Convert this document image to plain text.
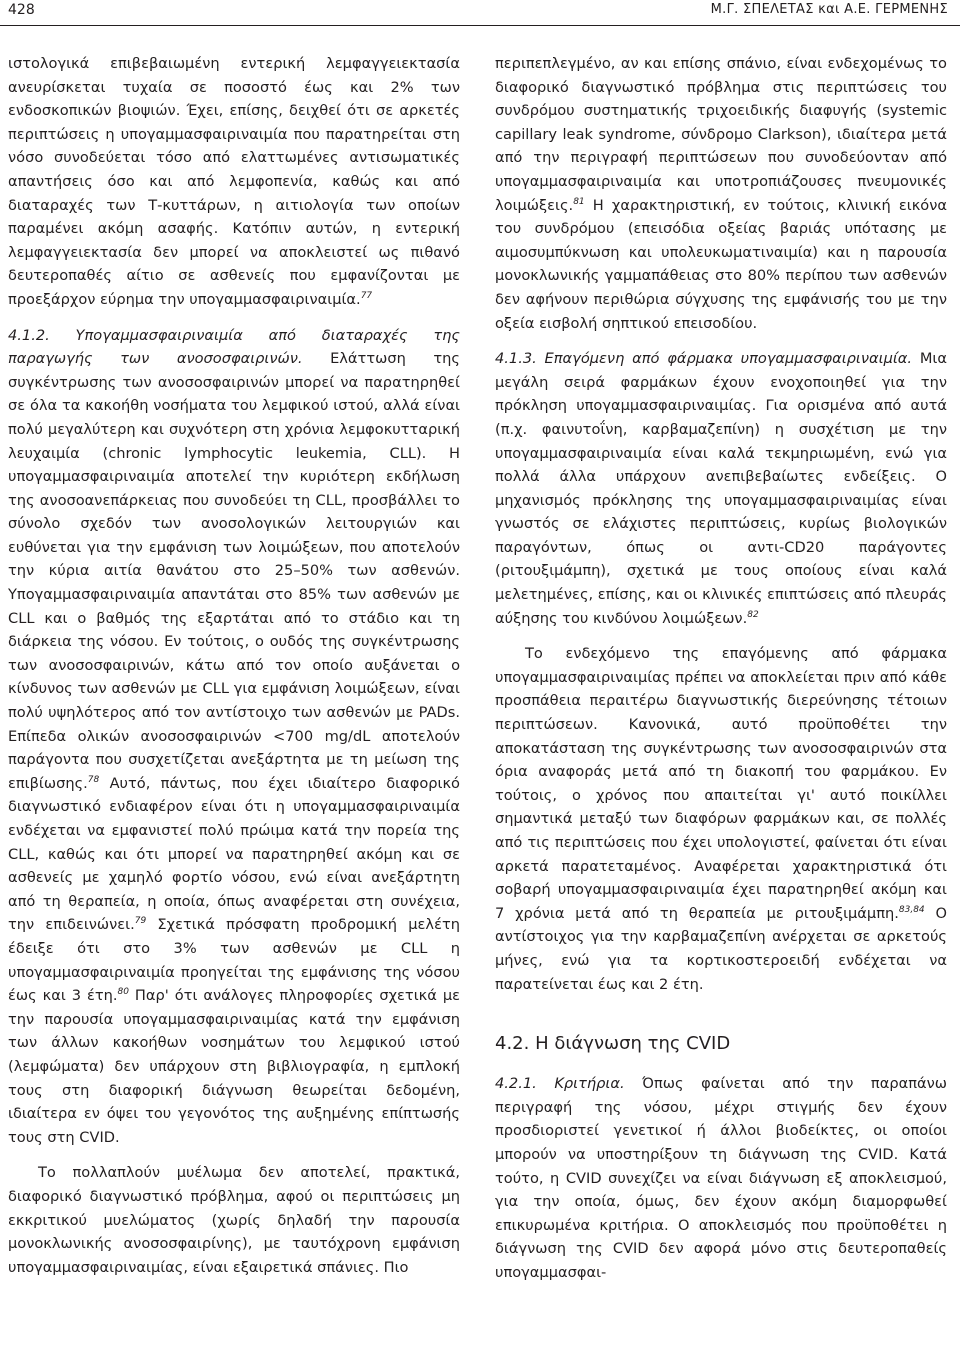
428	Μ.Γ. ΣΠΕΛΕΤΑΣ και Α.Ε. ΓΕΡΜΕΝΗΣ

ιστολογικά επιβεβαιωμένη εντερική λεμφαγγειεκτασία ανευρίσκεται τυχαία σε ποσοστό έως και 2% των ενδοσκοπικών βιοψιών. Έχει, επίσης, δειχθεί ότι σε αρκετές περιπτώσεις η υπογαμμασφαιριναιμία που παρατηρείται στη νόσο συνοδεύεται τόσο από ελαττωμένες αντισωματικές απαντήσεις όσο και από λεμφοπενία, καθώς και από διαταραχές των Τ-κυττάρων, η αιτιολογία των οποίων παραμένει ακόμη ασαφής. Κατόπιν αυτών, η εντερική λεμφαγγειεκτασία δεν μπορεί να αποκλειστεί ως πιθανό δευτεροπαθές αίτιο σε ασθενείς που εμφανίζονται με προεξάρχον εύρημα την υπογαμμασφαιριναιμία.$^{77}$

4.1.2. Υπογαμμασφαιριναιμία από διαταραχές της παραγωγής των ανοσοσφαιρινών. Ελάττωση της συγκέντρωσης των ανοσοσφαιρινών μπορεί να παρατηρηθεί σε όλα τα κακοήθη νοσήματα του λεμφικού ιστού, αλλά είναι πολύ μεγαλύτερη και συχνότερη στη χρόνια λεμφοκυτταρική λευχαιμία (chronic lymphocytic leukemia, CLL). Η υπογαμμασφαιριναιμία αποτελεί την κυριότερη εκδήλωση της ανοσοανεπάρκειας που συνοδεύει τη CLL, προσβάλλει το σύνολο σχεδόν των ανοσολογικών λειτουργιών και ευθύνεται για την εμφάνιση των λοιμώξεων, που αποτελούν την κύρια αιτία θανάτου στο 25–50% των ασθενών. Υπογαμμασφαιριναιμία απαντάται στο 85% των ασθενών με CLL και ο βαθμός της εξαρτάται από το στάδιο και τη διάρκεια της νόσου. Εν τούτοις, ο ουδός της συγκέντρωσης των ανοσοσφαιρινών, κάτω από τον οποίο αυξάνεται ο κίνδυνος των ασθενών με CLL για εμφάνιση λοιμώξεων, είναι πολύ υψηλότερος από τον αντίστοιχο των ασθενών με PADs. Επίπεδα ολικών ανοσοσφαιρινών <700 mg/dL αποτελούν παράγοντα που συσχετίζεται ανεξάρτητα με τη μείωση της επιβίωσης.$^{78}$ Αυτό, πάντως, που έχει ιδιαίτερο διαφορικό διαγνωστικό ενδιαφέρον είναι ότι η υπογαμμασφαιριναιμία ενδέχεται να εμφανιστεί πολύ πρώιμα κατά την πορεία της CLL, καθώς και ότι μπορεί να παρατηρηθεί ακόμη και σε ασθενείς με χαμηλό φορτίο νόσου, ενώ είναι ανεξάρτητη από τη θεραπεία, η οποία, όπως αναφέρεται στη συνέχεια, την επιδεινώνει.$^{79}$ Σχετικά πρόσφατη προδρομική μελέτη έδειξε ότι στο 3% των ασθενών με CLL η υπογαμμασφαιριναιμία προηγείται της εμφάνισης της νόσου έως και 3 έτη.$^{80}$ Παρ' ότι ανάλογες πληροφορίες σχετικά με την παρουσία υπογαμμασφαιριναιμίας κατά την εμφάνιση των άλλων κακοήθων νοσημάτων του λεμφικού ιστού (λεμφώματα) δεν υπάρχουν στη βιβλιογραφία, η εμπλοκή τους στη διαφορική διάγνωση θεωρείται δεδομένη, ιδιαίτερα εν όψει του γεγονότος της αυξημένης επίπτωσής τους στη CVID.

Το πολλαπλούν μυέλωμα δεν αποτελεί, πρακτικά, διαφορικό διαγνωστικό πρόβλημα, αφού οι περιπτώσεις μη εκκριτικού μυελώματος (χωρίς δηλαδή την παρουσία μονοκλωνικής ανοσοσφαιρίνης), με ταυτόχρονη εμφάνιση υπογαμμασφαιριναιμίας, είναι εξαιρετικά σπάνιες. Πιο

περιπεπλεγμένο, αν και επίσης σπάνιο, είναι ενδεχομένως το διαφορικό διαγνωστικό πρόβλημα στις περιπτώσεις του συνδρόμου συστηματικής τριχοειδικής διαφυγής (systemic capillary leak syndrome, σύνδρομο Clarkson), ιδιαίτερα μετά από την περιγραφή περιπτώσεων που συνοδεύονταν από υπογαμμασφαιριναιμία και υποτροπιάζουσες πνευμονικές λοιμώξεις.$^{81}$ Η χαρακτηριστική, εν τούτοις, κλινική εικόνα του συνδρόμου (επεισόδια οξείας βαριάς υπότασης με αιμοσυμπύκνωση και υπολευκωματιναιμία) και η παρουσία μονοκλωνικής γαμμαπάθειας στο 80% περίπου των ασθενών δεν αφήνουν περιθώρια σύγχυσης της εμφάνισής του με την οξεία εισβολή σηπτικού επεισοδίου.

4.1.3. Επαγόμενη από φάρμακα υπογαμμασφαιριναιμία. Μια μεγάλη σειρά φαρμάκων έχουν ενοχοποιηθεί για την πρόκληση υπογαμμασφαιριναιμίας. Για ορισμένα από αυτά (π.χ. φαινυτοΐνη, καρβαμαζεπίνη) η συσχέτιση με την υπογαμμασφαιριναιμία είναι καλά τεκμηριωμένη, ενώ για πολλά άλλα υπάρχουν ανεπιβεβαίωτες ενδείξεις. Ο μηχανισμός πρόκλησης της υπογαμμασφαιριναιμίας είναι γνωστός σε ελάχιστες περιπτώσεις, κυρίως βιολογικών παραγόντων, όπως οι αντι-CD20 παράγοντες (ριτουξιμάμπη), σχετικά με τους οποίους είναι καλά μελετημένες, επίσης, και οι κλινικές επιπτώσεις από πλευράς αύξησης του κινδύνου λοιμώξεων.$^{82}$

Το ενδεχόμενο της επαγόμενης από φάρμακα υπογαμμασφαιριναιμίας πρέπει να αποκλείεται πριν από κάθε προσπάθεια περαιτέρω διαγνωστικής διερεύνησης τέτοιων περιπτώσεων. Κανονικά, αυτό προϋποθέτει την αποκατάσταση της συγκέντρωσης των ανοσοσφαιρινών στα όρια αναφοράς μετά από τη διακοπή του φαρμάκου. Εν τούτοις, ο χρόνος που απαιτείται γι' αυτό ποικίλλει σημαντικά μεταξύ των διαφόρων φαρμάκων και, σε πολλές από τις περιπτώσεις που έχει υπολογιστεί, φαίνεται ότι είναι αρκετά παρατεταμένος. Αναφέρεται χαρακτηριστικά ότι σοβαρή υπογαμμασφαιριναιμία έχει παρατηρηθεί ακόμη και 7 χρόνια μετά από τη θεραπεία με ριτουξιμάμπη.$^{83,84}$ Ο αντίστοιχος για την καρβαμαζεπίνη ανέρχεται σε αρκετούς μήνες, ενώ για τα κορτικοστεροειδή ενδέχεται να παρατείνεται έως και 2 έτη.

4.2. Η διάγνωση της CVID

4.2.1. Κριτήρια. Όπως φαίνεται από την παραπάνω περιγραφή της νόσου, μέχρι στιγμής δεν έχουν προσδιοριστεί γενετικοί ή άλλοι βιοδείκτες, οι οποίοι μπορούν να υποστηρίξουν τη διάγνωση της CVID. Κατά τούτο, η CVID συνεχίζει να είναι διάγνωση εξ αποκλεισμού, για την οποία, όμως, δεν έχουν ακόμη διαμορφωθεί επικυρωμένα κριτήρια. Ο αποκλεισμός που προϋποθέτει η διάγνωση της CVID δεν αφορά μόνο στις δευτεροπαθείς υπογαμμασφαι-
